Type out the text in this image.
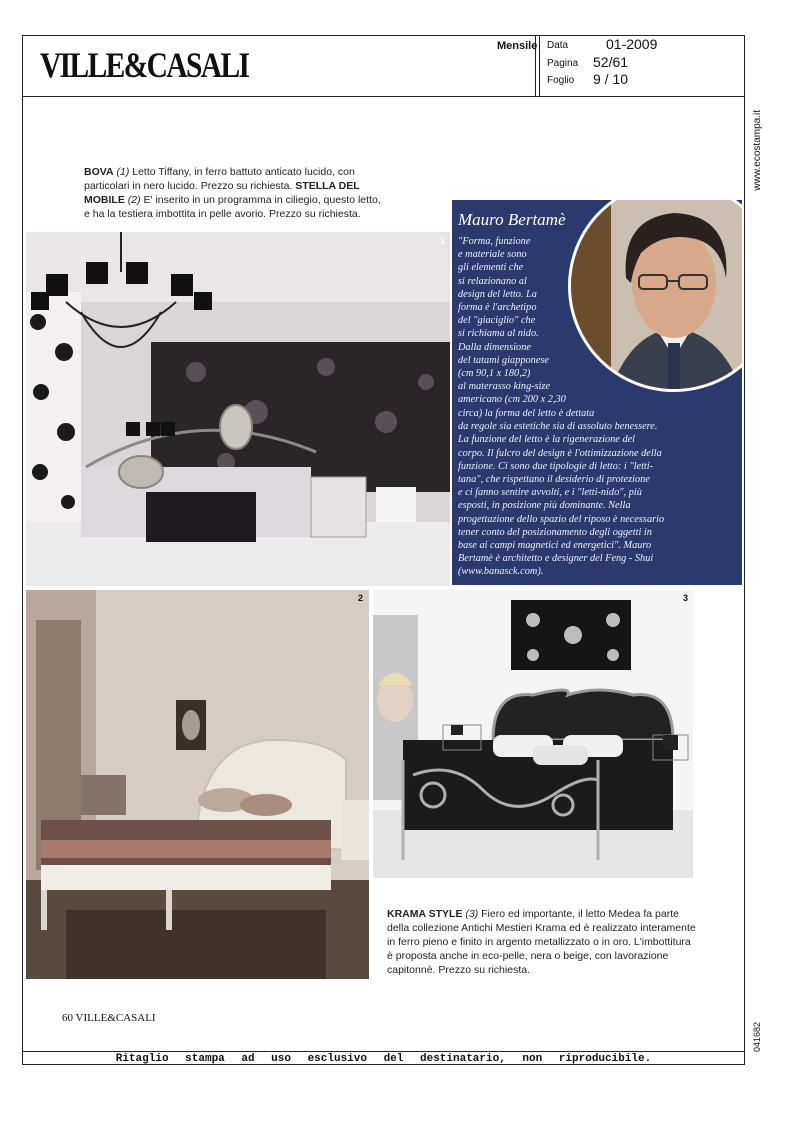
VILLE&CASALI	Mensile Data	01-2009
Pagina 52/61
Foglio 9 / 10
www.ecostampa.it
041682
BOVA (1) Letto Tiffany, in ferro battuto anticato lucido, con particolari in nero lucido. Prezzo su richiesta. STELLA DEL MOBILE (2) E' inserito in un programma in ciliegio, questo letto, e ha la testiera imbottita in pelle avorio. Prezzo su richiesta.
1
Mauro Bertamè
"Forma, funzione
e materiale sono
gli elementi che
si relazionano al
design del letto. La
forma è l'archetipo
del "giaciglio" che
si richiama al nido.
Dalla dimensione
del tatami giapponese
(cm 90,1 x 180,2)
al materasso king-size
americano (cm 200 x 2,30
circa) la forma del letto è dettata
da regole sia estetiche sia di assoluto benessere.
La funzione del letto è la rigenerazione del
corpo. Il fulcro del design è l'ottimizzazione della
funzione. Ci sono due tipologie di letto: i "letti-
tana", che rispettano il desiderio di protezione
e ci fanno sentire avvolti, e i "letti-nido", più
esposti, in posizione più dominante. Nella
progettazione dello spazio del riposo è necessario
tener conto del posizionamento degli oggetti in
base ai campi magnetici ed energetici". Mauro
Bertamè è architetto e designer del Feng - Shui
(www.banasck.com).
2	3
KRAMA STYLE (3) Fiero ed importante, il letto Medea fa parte della collezione Antichi Mestieri Krama ed è realizzato interamente in ferro pieno e finito in argento metallizzato o in oro. L'imbottitura è proposta anche in eco-pelle, nera o beige, con lavorazione capitonnè. Prezzo su richiesta.
60 VILLE&CASALI
Ritaglio stampa ad uso esclusivo del destinatario, non riproducibile.
